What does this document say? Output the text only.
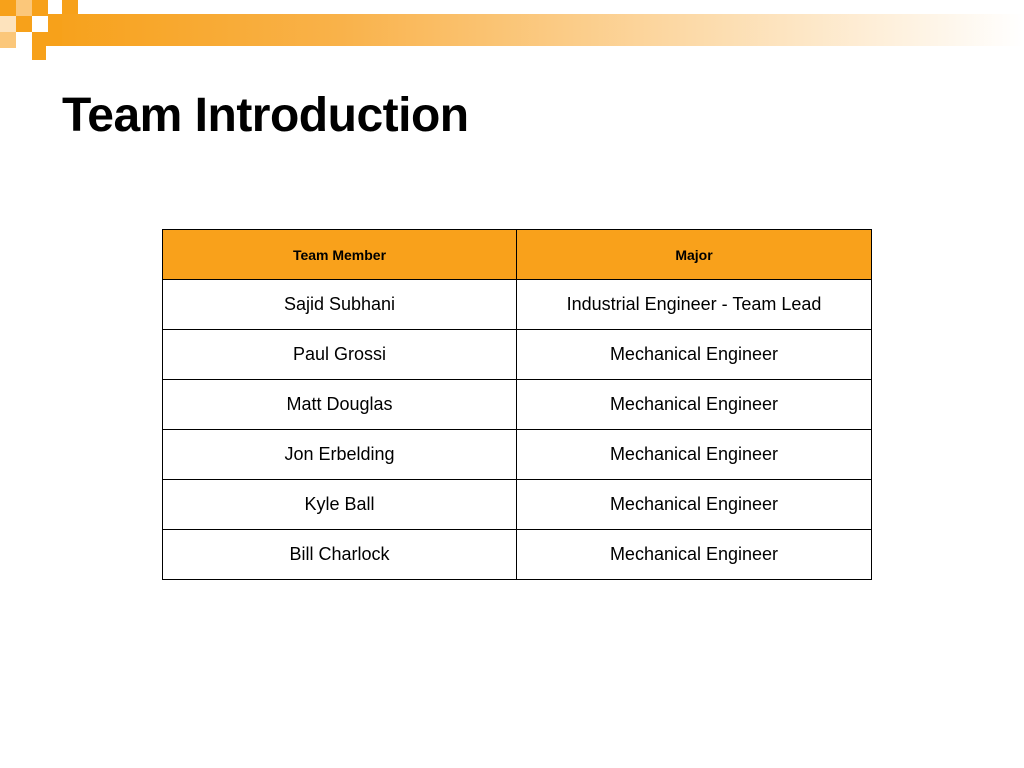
Team Introduction
Team Member	Major
Sajid Subhani	Industrial Engineer - Team Lead
Paul Grossi	Mechanical Engineer
Matt Douglas	Mechanical Engineer
Jon Erbelding	Mechanical Engineer
Kyle Ball	Mechanical Engineer
Bill Charlock	Mechanical Engineer
